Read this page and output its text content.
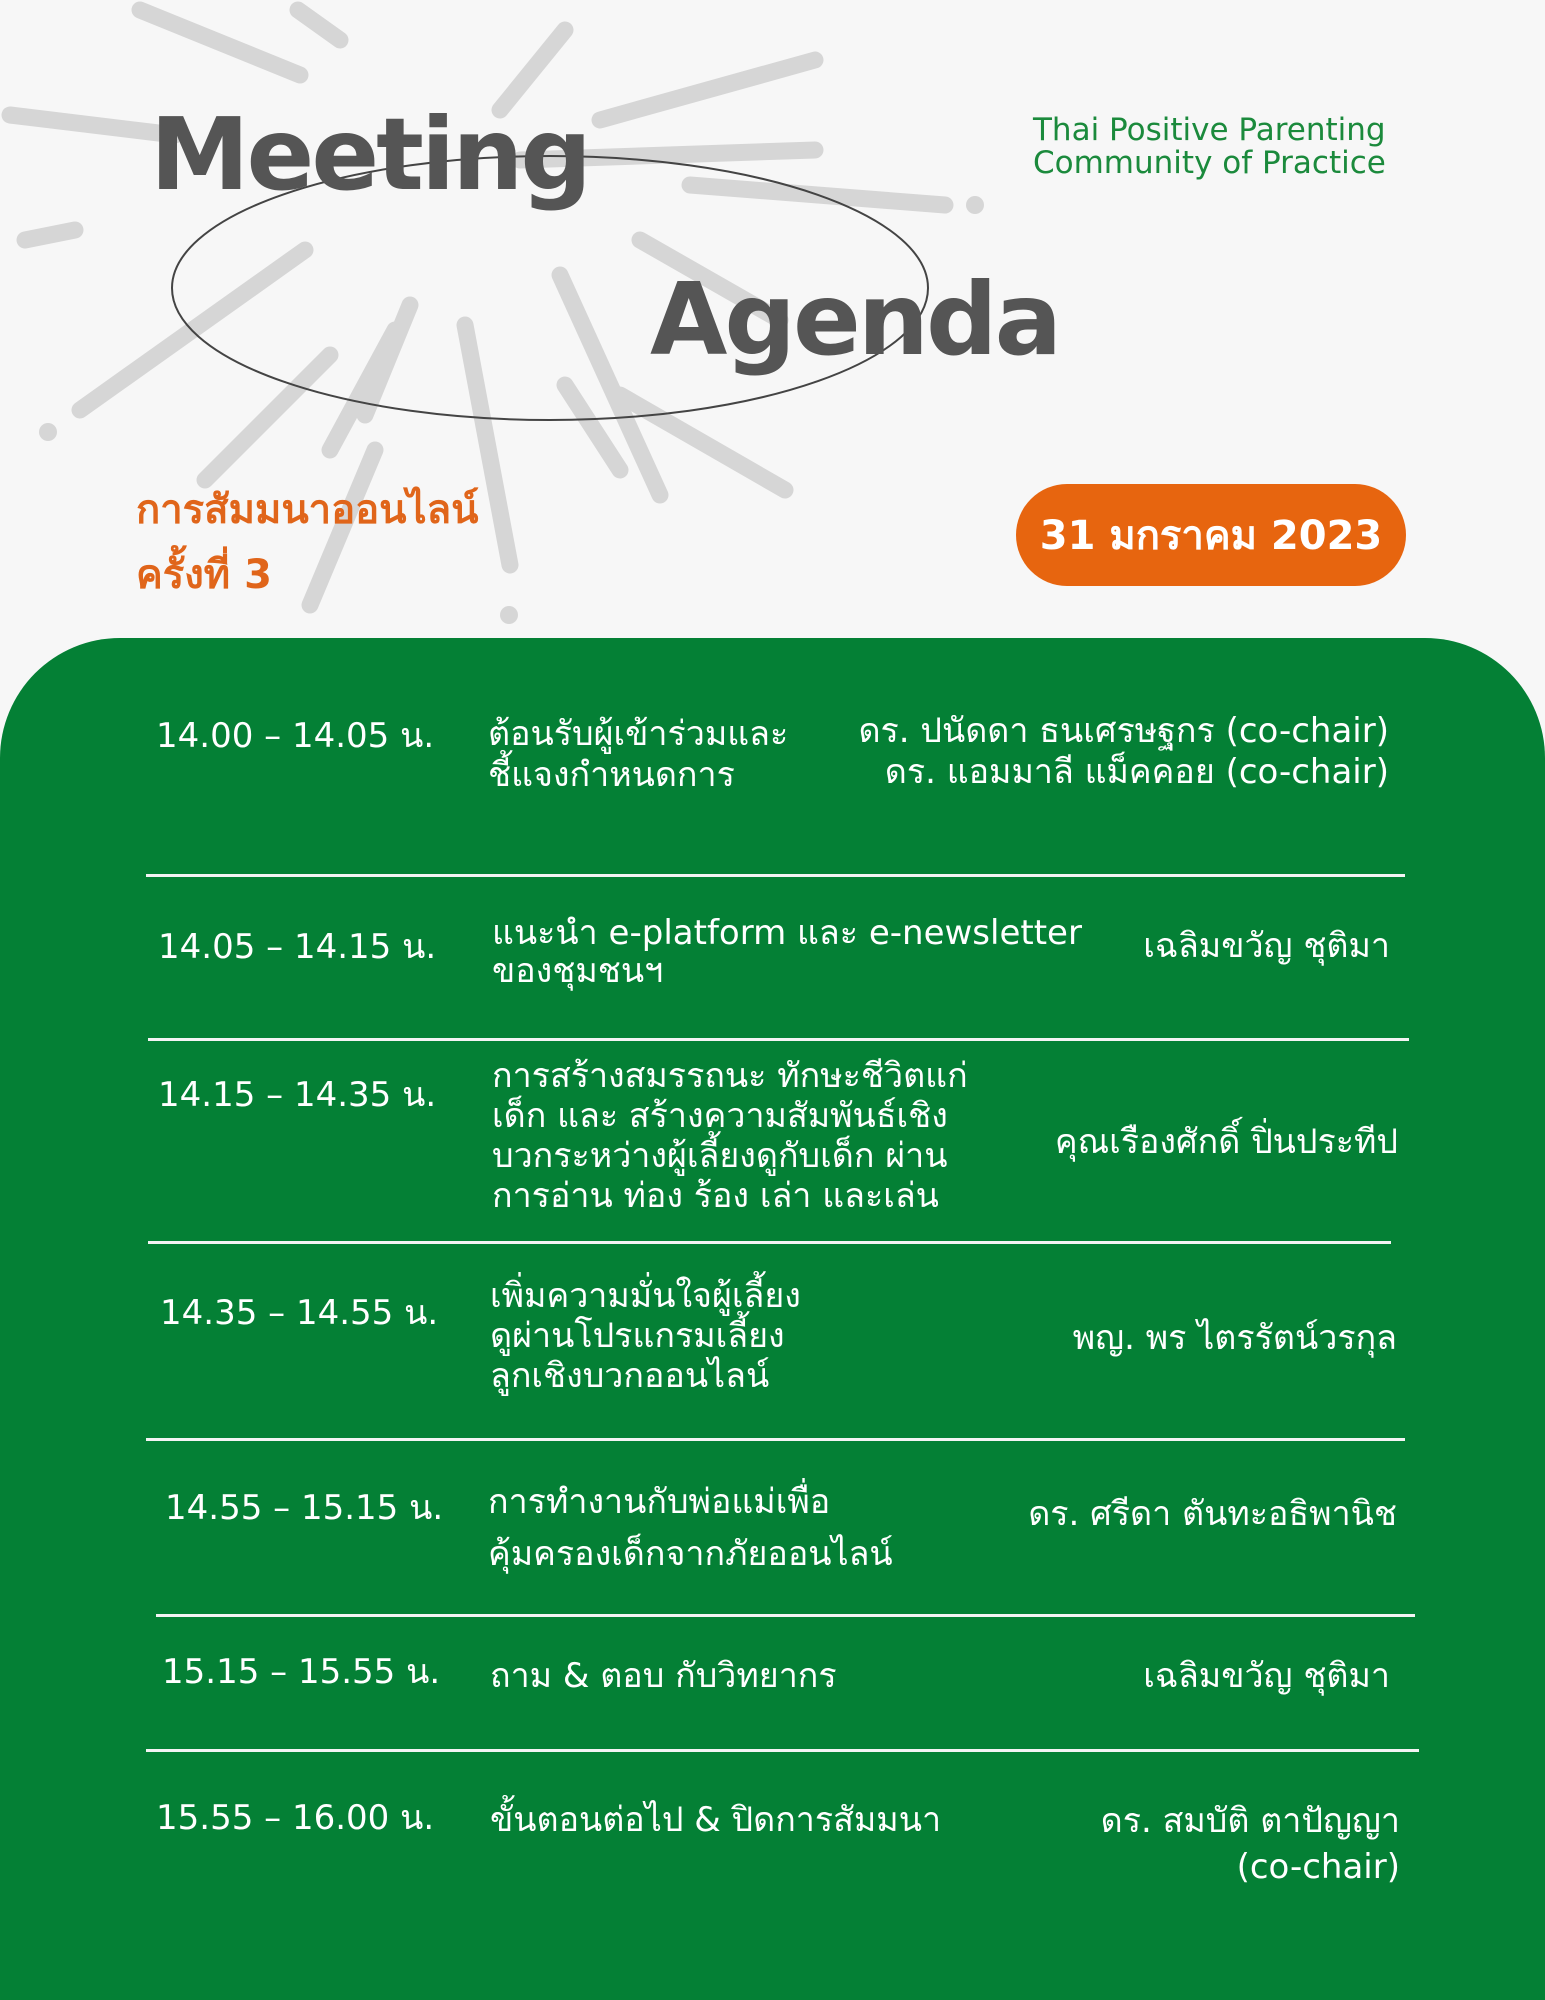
Meeting
Agenda
Thai Positive Parenting
Community of Practice
การสัมมนาออนไลน์
ครั้งที่ 3
31 มกราคม 2023
14.00 – 14.05 น. ต้อนรับผู้เข้าร่วมและ
ชี้แจงกำหนดการ
ดร. ปนัดดา ธนเศรษฐกร (co-chair)
ดร. แอมมาลี แม็คคอย (co-chair)
14.05 – 14.15 น. แนะนำ e-platform และ e-newsletter
ของชุมชนฯ
เฉลิมขวัญ ชุติมา
14.15 – 14.35 น. การสร้างสมรรถนะ ทักษะชีวิตแก่
เด็ก และ สร้างความสัมพันธ์เชิง
บวกระหว่างผู้เลี้ยงดูกับเด็ก ผ่าน
การอ่าน ท่อง ร้อง เล่า และเล่น
คุณเรืองศักดิ์ ปิ่นประทีป
14.35 – 14.55 น. เพิ่มความมั่นใจผู้เลี้ยง
ดูผ่านโปรแกรมเลี้ยง
ลูกเชิงบวกออนไลน์
พญ. พร ไตรรัตน์วรกุล
14.55 – 15.15 น. การทำงานกับพ่อแม่เพื่อ
คุ้มครองเด็กจากภัยออนไลน์
ดร. ศรีดา ตันทะอธิพานิช
15.15 – 15.55 น. ถาม & ตอบ กับวิทยากร	เฉลิมขวัญ ชุติมา
15.55 – 16.00 น. ขั้นตอนต่อไป & ปิดการสัมมนา	ดร. สมบัติ ตาปัญญา
(co-chair)
